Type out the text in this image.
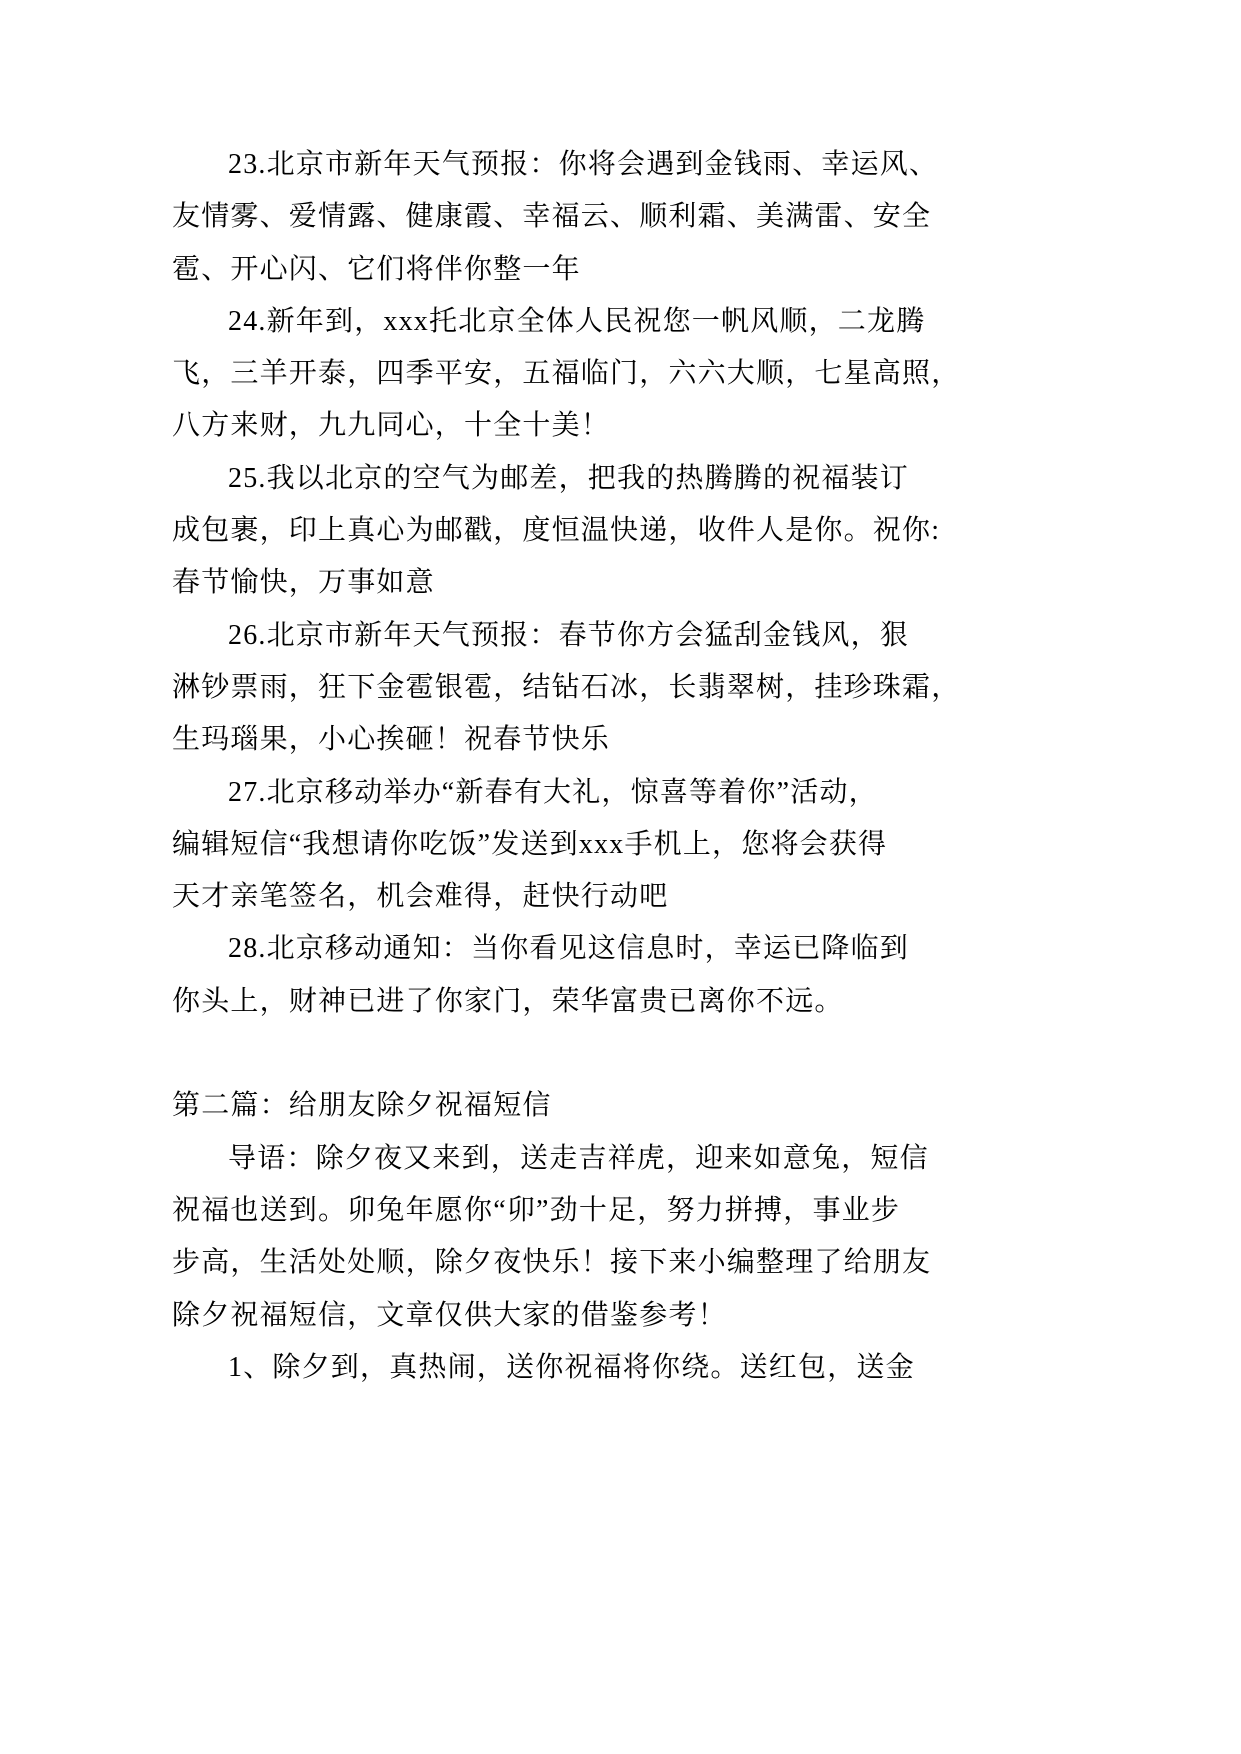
23.北京市新年天气预报：你将会遇到金钱雨、幸运风、
友情雾、爱情露、健康霞、幸福云、顺利霜、美满雷、安全
雹、开心闪、它们将伴你整一年
24.新年到，xxx托北京全体人民祝您一帆风顺，二龙腾
飞，三羊开泰，四季平安，五福临门，六六大顺，七星高照，
八方来财，九九同心，十全十美！
25.我以北京的空气为邮差，把我的热腾腾的祝福装订
成包裹，印上真心为邮戳，度恒温快递，收件人是你。祝你:
春节愉快，万事如意
26.北京市新年天气预报：春节你方会猛刮金钱风，狠
淋钞票雨，狂下金雹银雹，结钻石冰，长翡翠树，挂珍珠霜，
生玛瑙果，小心挨砸！祝春节快乐
27.北京移动举办“新春有大礼，惊喜等着你”活动，
编辑短信“我想请你吃饭”发送到xxx手机上，您将会获得
天才亲笔签名，机会难得，赶快行动吧
28.北京移动通知：当你看见这信息时，幸运已降临到
你头上，财神已进了你家门，荣华富贵已离你不远。
第二篇：给朋友除夕祝福短信
导语：除夕夜又来到，送走吉祥虎，迎来如意兔，短信
祝福也送到。卯兔年愿你“卯”劲十足，努力拼搏，事业步
步高，生活处处顺，除夕夜快乐！接下来小编整理了给朋友
除夕祝福短信，文章仅供大家的借鉴参考！
1、除夕到，真热闹，送你祝福将你绕。送红包，送金
